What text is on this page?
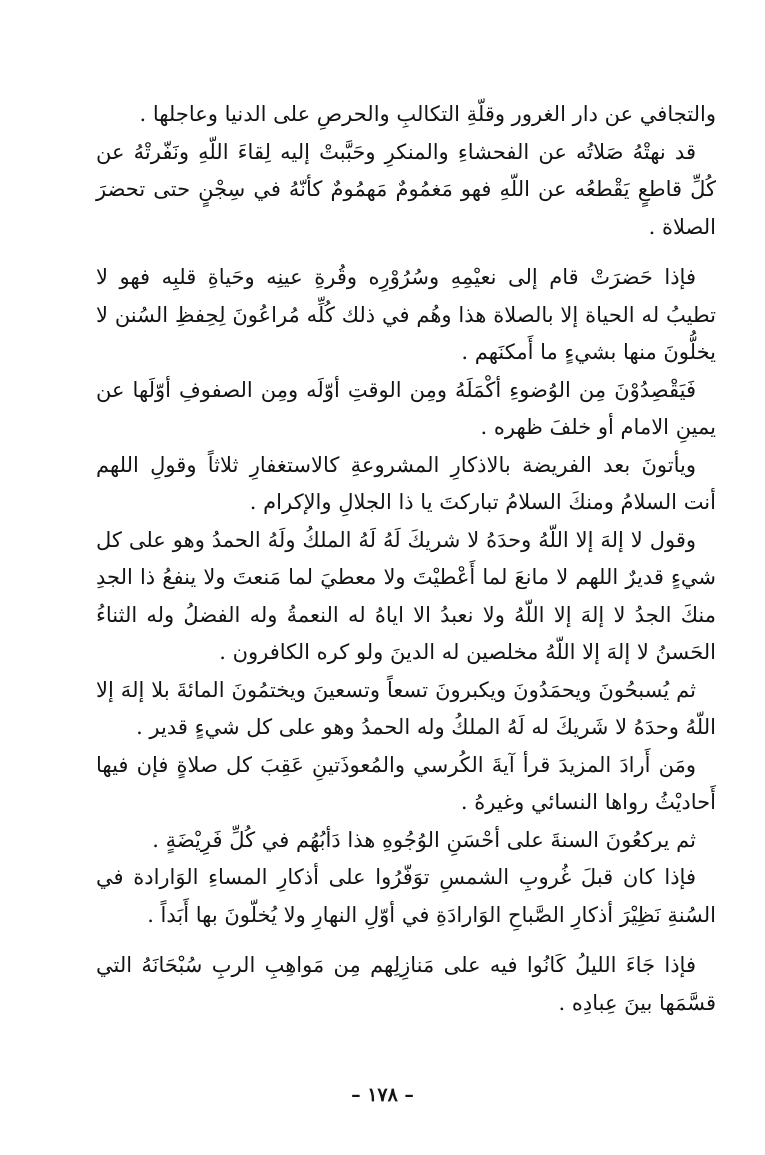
والتجافي عن دار الغرور وقلّةِ التكالبِ والحرصِ على الدنيا وعاجلها .

قد نهتْهُ صَلاتُه عن الفحشاءِ والمنكرِ وحَبَّبتْ إليه لِقاءَ اللّهِ ونَفّرتْهُ عن كُلِّ قاطعٍ يَقْطعُه عن اللّهِ فهو مَغمُومٌ مَهمُومٌ كأنّهُ في سِجْنٍ حتى تحضرَ الصلاة .

فإذا حَضرَتْ قام إلى نعيْمِهِ وسُرُوْرِه وقُرةِ عينِه وحَياةِ قلبِه فهو لا تطيبُ له الحياة إلا بالصلاة هذا وهُم في ذلك كُلِّه مُراعُونَ لِحِفظِ السُنن لا يخلُّونَ منها بشيءٍ ما أَمكنَهم .

فَيَقْصِدُوْنَ مِن الوُضوءِ أكْمَلَهُ ومِن الوقتِ أوّلَه ومِن الصفوفِ أوّلَها عن يمينِ الامام أو خلفَ ظهره .

ويأتونَ بعد الفريضة بالاذكارِ المشروعةِ كالاستغفارِ ثلاثاً وقولِ اللهم أنت السلامُ ومنكَ السلامُ تباركتَ يا ذا الجلالِ والإكرام .

وقول لا إلهَ إلا اللّهُ وحدَهُ لا شريكَ لَهُ لَهُ الملكُ ولَهُ الحمدُ وهو على كل شيءٍ قديرٌ اللهم لا مانعَ لما أَعْطيْتَ ولا معطيَ لما مَنعتَ ولا ينفعُ ذا الجدِ منكَ الجدُ لا إلهَ إلا اللّهُ ولا نعبدُ الا اياهُ له النعمةُ وله الفضلُ وله الثناءُ الحَسنُ لا إلهَ إلا اللّهُ مخلصين له الدينَ ولو كره الكافرون .

ثم يُسبحُونَ ويحمَدُونَ ويكبرونَ تسعاً وتسعينَ ويختمُونَ المائةَ بلا إلهَ إلا اللّهُ وحدَهُ لا شَريكَ له لَهُ الملكُ وله الحمدُ وهو على كل شيءٍ قدير .

ومَن أَرادَ المزيدَ قرأ آيةَ الكُرسي والمُعوذَتينِ عَقِبَ كل صلاةٍ فإن فيها أَحاديْثُ رواها النسائي وغيرهُ .

ثم يركعُونَ السنةَ على أحْسَنِ الوُجُوهِ هذا دَأبُهُم في كُلِّ فَرِيْضَةٍ .

فإذا كان قبلَ غُروبِ الشمسِ توَفّرُوا على أذكارِ المساءِ الوَارادة في السُنةِ نَظِيْرَ أذكارِ الصَّباحِ الوَارادَةِ في أوّلِ النهارِ ولا يُخلّونَ بها أَبَداً .

فإذا جَاءَ الليلُ كَانُوا فيه على مَنازِلِهم مِن مَواهِبِ الربِ سُبْحَانَهُ التي قسَّمَها بينَ عِبادِه .

– ١٧٨ –
